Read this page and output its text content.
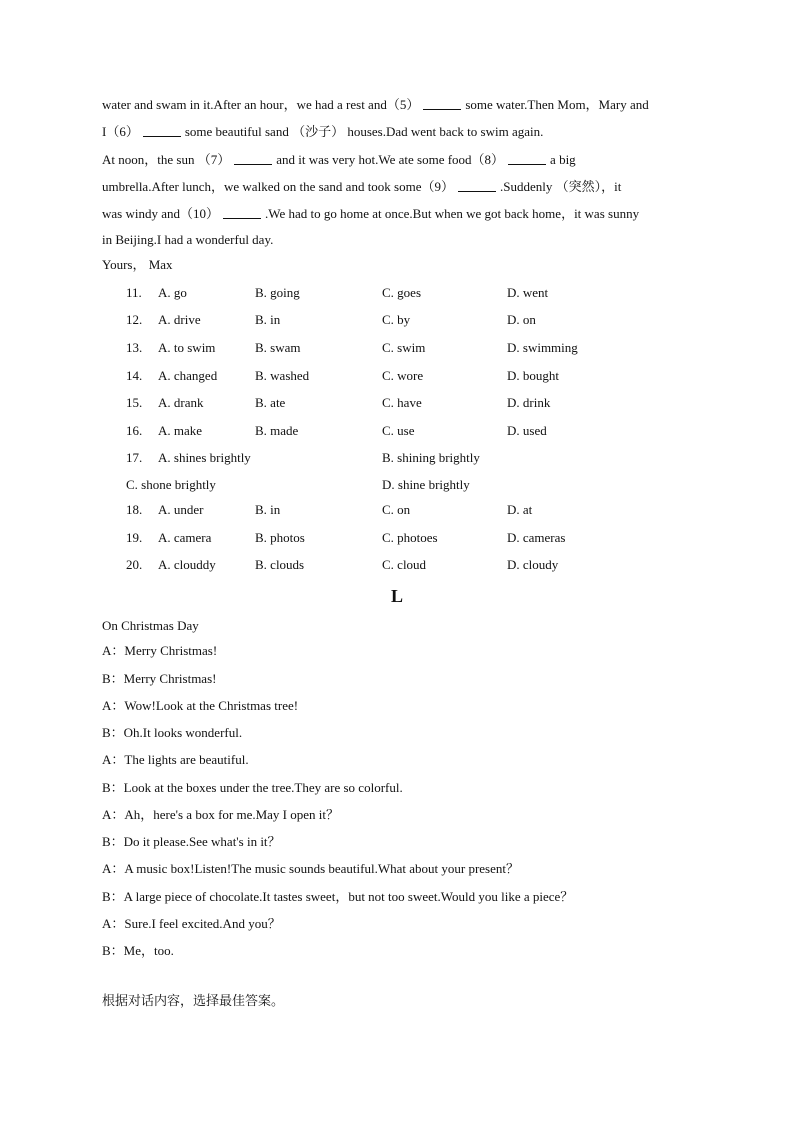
water and swam in it.After an hour，we had a rest and（5）	some water.Then Mom，Mary and
I（6）	some beautiful sand （沙子） houses.Dad went back to swim again.
At noon，the sun （7）	and it was very hot.We ate some food（8）	a big
umbrella.After lunch，we walked on the sand and took some（9）	.Suddenly （突然），it
was windy and（10）	.We had to go home at once.But when we got back home，it was sunny
in Beijing.I had a wonderful day.
Yours， Max
11. A. go	B. going	C. goes	D. went
12. A. drive	B. in	C. by	D. on
13. A. to swim	B. swam	C. swim	D. swimming
14. A. changed	B. washed	C. wore	D. bought
15. A. drank	B. ate	C. have	D. drink
16. A. make	B. made	C. use	D. used
17. A. shines brightly	B. shining brightly
C. shone brightly	D. shine brightly
18. A. under	B. in	C. on	D. at
19. A. camera	B. photos	C. photoes	D. cameras
20. A. clouddy	B. clouds	C. cloud	D. cloudy
L
On Christmas Day
A：Merry Christmas!
B：Merry Christmas!
A：Wow!Look at the Christmas tree!
B：Oh.It looks wonderful.
A：The lights are beautiful.
B：Look at the boxes under the tree.They are so colorful.
A：Ah，here's a box for me.May I open it？
B：Do it please.See what's in it？
A：A music box!Listen!The music sounds beautiful.What about your present？
B：A large piece of chocolate.It tastes sweet，but not too sweet.Would you like a piece？
A：Sure.I feel excited.And you？
B：Me，too.
根据对话内容，选择最佳答案。
